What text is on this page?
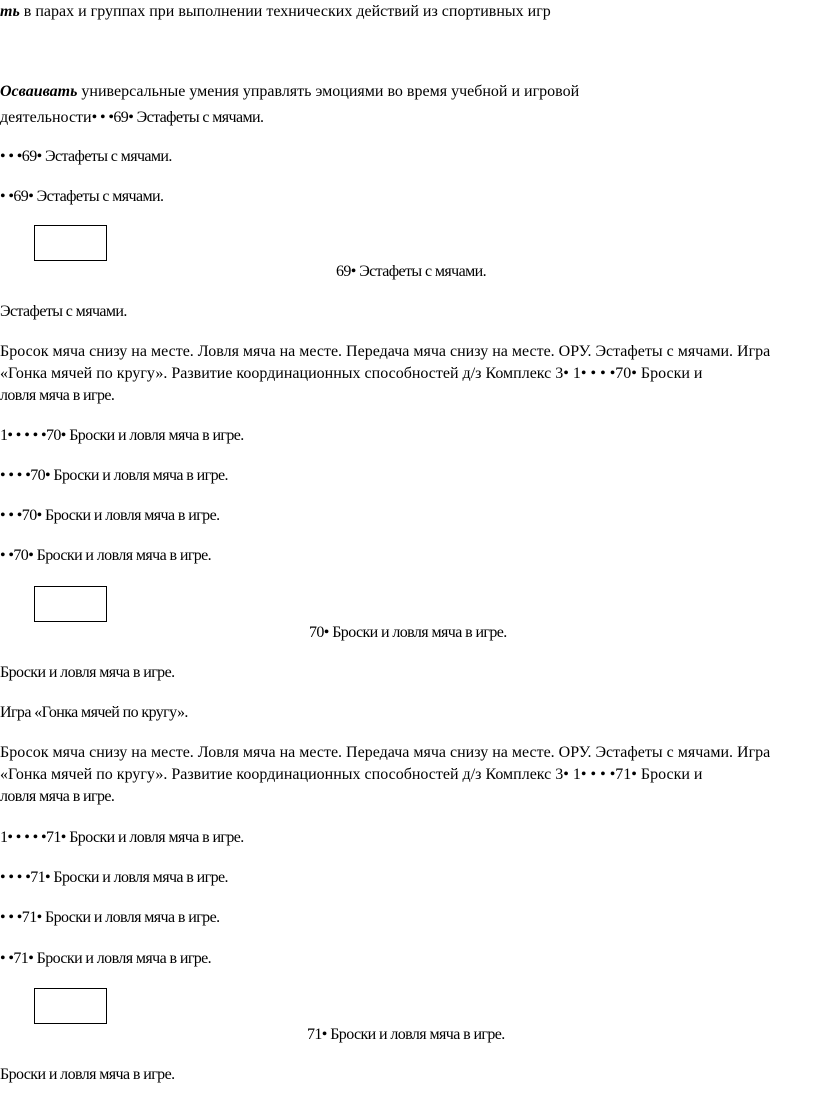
ть в парах и группах при выполнении технических действий из спортивных игр
Осваивать универсальные умения управлять эмоциями во время учебной и игровой
деятельности• • •69• Эстафеты с мячами.
• • •69• Эстафеты с мячами.
• •69• Эстафеты с мячами.
69• Эстафеты с мячами.
Эстафеты с мячами.
Бросок мяча снизу на месте. Ловля мяча на месте. Передача мяча снизу на месте. ОРУ. Эстафеты с мячами. Игра
«Гонка мячей по кругу». Развитие координационных способностей д/з Комплекс 3• 1• • • •70• Броски и
ловля мяча в игре.
1• • • • •70• Броски и ловля мяча в игре.
• • • •70• Броски и ловля мяча в игре.
• • •70• Броски и ловля мяча в игре.
• •70• Броски и ловля мяча в игре.
70• Броски и ловля мяча в игре.
Броски и ловля мяча в игре.
Игра «Гонка мячей по кругу».
Бросок мяча снизу на месте. Ловля мяча на месте. Передача мяча снизу на месте. ОРУ. Эстафеты с мячами. Игра
«Гонка мячей по кругу». Развитие координационных способностей д/з Комплекс 3• 1• • • •71• Броски и
ловля мяча в игре.
1• • • • •71• Броски и ловля мяча в игре.
• • • •71• Броски и ловля мяча в игре.
• • •71• Броски и ловля мяча в игре.
• •71• Броски и ловля мяча в игре.
71• Броски и ловля мяча в игре.
Броски и ловля мяча в игре.
